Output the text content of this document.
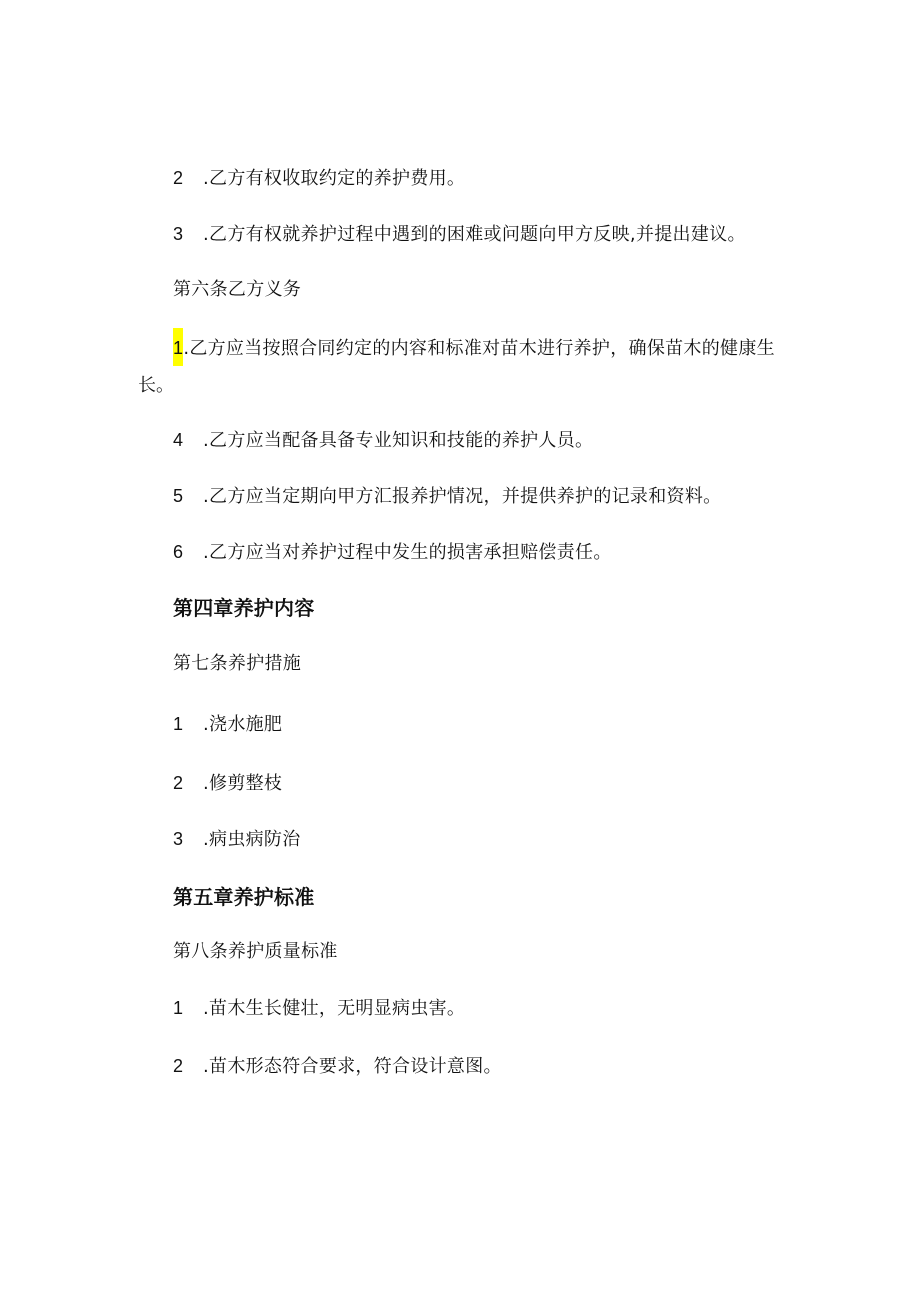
2 .乙方有权收取约定的养护费用。
3 .乙方有权就养护过程中遇到的困难或问题向甲方反映,并提出建议。
第六条乙方义务
1.乙方应当按照合同约定的内容和标准对苗木进行养护，确保苗木的健康生
长。
4 .乙方应当配备具备专业知识和技能的养护人员。
5 .乙方应当定期向甲方汇报养护情况，并提供养护的记录和资料。
6 .乙方应当对养护过程中发生的损害承担赔偿责任。
第四章养护内容
第七条养护措施
1 .浇水施肥
2 .修剪整枝
3 .病虫病防治
第五章养护标准
第八条养护质量标准
1 .苗木生长健壮，无明显病虫害。
2 .苗木形态符合要求，符合设计意图。
